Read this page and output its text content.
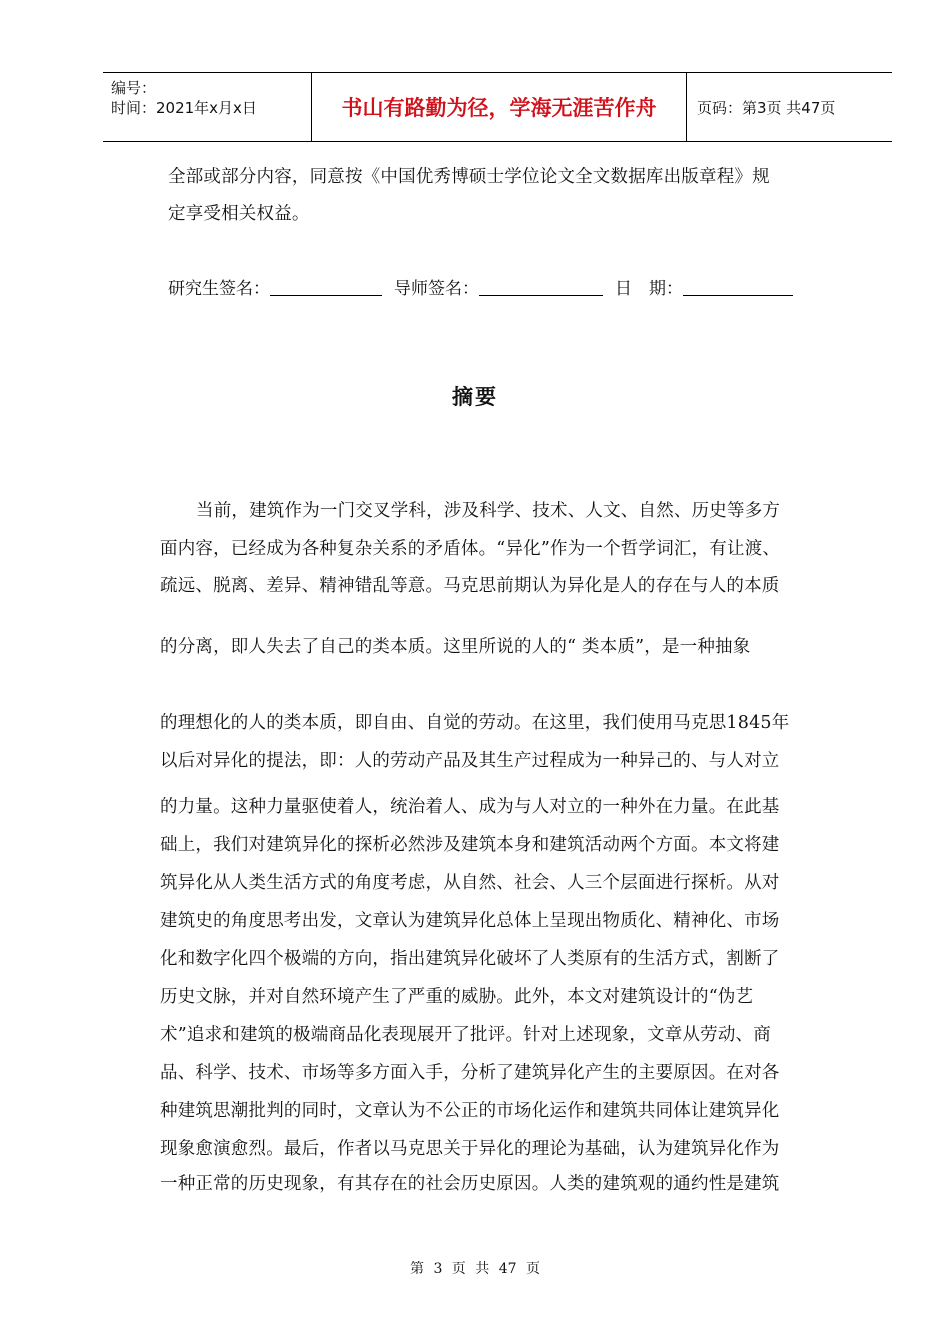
编号：
时间：2021年x月x日	书山有路勤为径，学海无涯苦作舟	页码：第3页 共47页
全部或部分内容，同意按《中国优秀博硕士学位论文全文数据库出版章程》规
定享受相关权益。
研究生签名：	导师签名：	日　期：
摘要
当前，建筑作为一门交叉学科，涉及科学、技术、人文、自然、历史等多方
面内容，已经成为各种复杂关系的矛盾体。“异化”作为一个哲学词汇，有让渡、
疏远、脱离、差异、精神错乱等意。马克思前期认为异化是人的存在与人的本质
的分离，即人失去了自己的类本质。这里所说的人的“ 类本质”，是一种抽象
的理想化的人的类本质，即自由、自觉的劳动。在这里，我们使用马克思1845年
以后对异化的提法，即：人的劳动产品及其生产过程成为一种异己的、与人对立
的力量。这种力量驱使着人，统治着人、成为与人对立的一种外在力量。在此基
础上，我们对建筑异化的探析必然涉及建筑本身和建筑活动两个方面。本文将建
筑异化从人类生活方式的角度考虑，从自然、社会、人三个层面进行探析。从对
建筑史的角度思考出发，文章认为建筑异化总体上呈现出物质化、精神化、市场
化和数字化四个极端的方向，指出建筑异化破坏了人类原有的生活方式，割断了
历史文脉，并对自然环境产生了严重的威胁。此外，本文对建筑设计的“伪艺
术”追求和建筑的极端商品化表现展开了批评。针对上述现象，文章从劳动、商
品、科学、技术、市场等多方面入手，分析了建筑异化产生的主要原因。在对各
种建筑思潮批判的同时，文章认为不公正的市场化运作和建筑共同体让建筑异化
现象愈演愈烈。最后，作者以马克思关于异化的理论为基础，认为建筑异化作为
一种正常的历史现象，有其存在的社会历史原因。人类的建筑观的通约性是建筑
第 3 页 共 47 页
